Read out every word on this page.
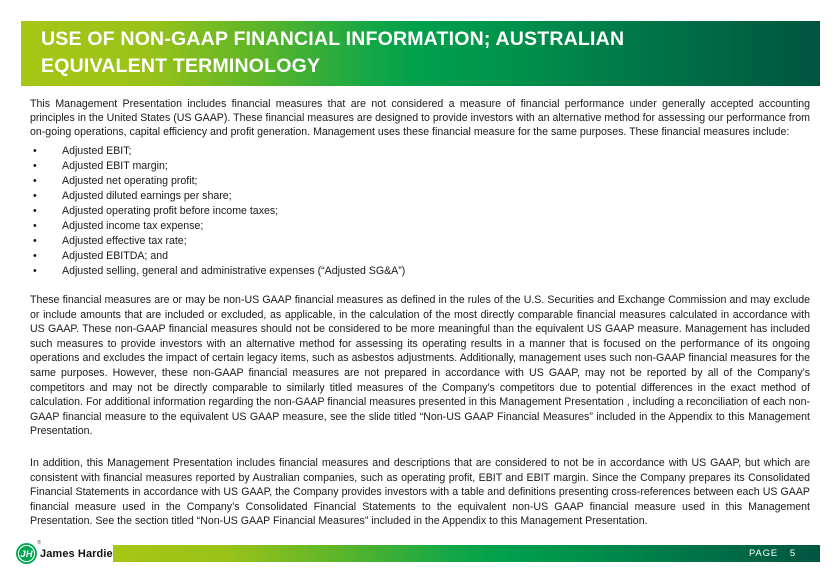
USE OF NON-GAAP FINANCIAL INFORMATION; AUSTRALIAN
EQUIVALENT TERMINOLOGY

This Management Presentation includes financial measures that are not considered a measure of financial performance under generally accepted accounting principles in the United States (US GAAP). These financial measures are designed to provide investors with an alternative method for assessing our performance from on-going operations, capital efficiency and profit generation. Management uses these financial measure for the same purposes. These financial measures include:

Adjusted EBIT;
Adjusted EBIT margin;
Adjusted net operating profit;
Adjusted diluted earnings per share;
Adjusted operating profit before income taxes;
Adjusted income tax expense;
Adjusted effective tax rate;
Adjusted EBITDA; and
Adjusted selling, general and administrative expenses (“Adjusted SG&A”)

These financial measures are or may be non-US GAAP financial measures as defined in the rules of the U.S. Securities and Exchange Commission and may exclude or include amounts that are included or excluded, as applicable, in the calculation of the most directly comparable financial measures calculated in accordance with US GAAP. These non-GAAP financial measures should not be considered to be more meaningful than the equivalent US GAAP measure. Management has included such measures to provide investors with an alternative method for assessing its operating results in a manner that is focused on the performance of its ongoing operations and excludes the impact of certain legacy items, such as asbestos adjustments. Additionally, management uses such non-GAAP financial measures for the same purposes. However, these non-GAAP financial measures are not prepared in accordance with US GAAP, may not be reported by all of the Company’s competitors and may not be directly comparable to similarly titled measures of the Company’s competitors due to potential differences in the exact method of calculation. For additional information regarding the non-GAAP financial measures presented in this Management Presentation , including a reconciliation of each non-GAAP financial measure to the equivalent US GAAP measure, see the slide titled “Non-US GAAP Financial Measures” included in the Appendix to this Management Presentation.

In addition, this Management Presentation includes financial measures and descriptions that are considered to not be in accordance with US GAAP, but which are consistent with financial measures reported by Australian companies, such as operating profit, EBIT and EBIT margin. Since the Company prepares its Consolidated Financial Statements in accordance with US GAAP, the Company provides investors with a table and definitions presenting cross-references between each US GAAP financial measure used in the Company’s Consolidated Financial Statements to the equivalent non-US GAAP financial measure used in this Management Presentation. See the section titled “Non-US GAAP Financial Measures” included in the Appendix to this Management Presentation.

JH
®
James Hardie	PAGE 5
